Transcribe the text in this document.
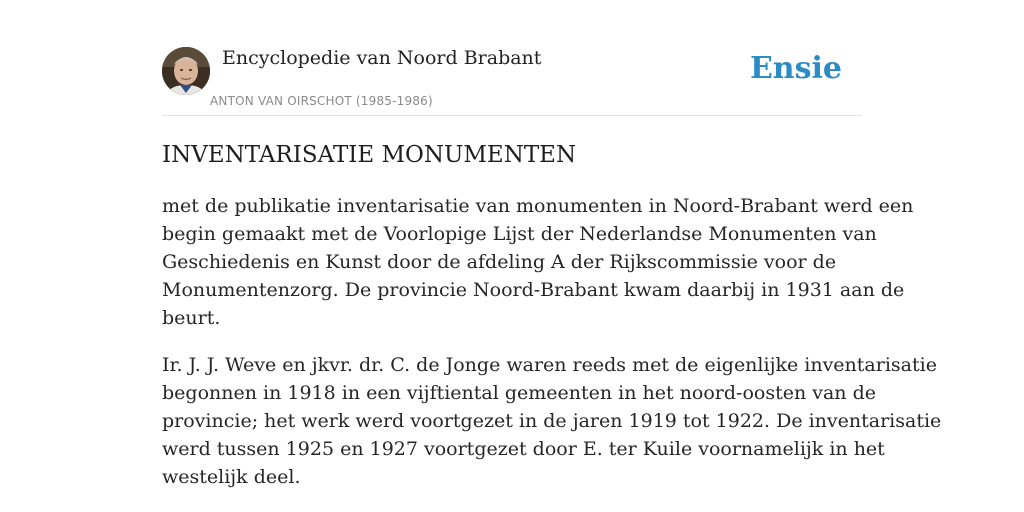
Encyclopedie van Noord Brabant
ANTON VAN OIRSCHOT (1985-1986)
Ensie
INVENTARISATIE MONUMENTEN

met de publikatie inventarisatie van monumenten in Noord-Brabant werd een
begin gemaakt met de Voorlopige Lijst der Nederlandse Monumenten van
Geschiedenis en Kunst door de afdeling A der Rijkscommissie voor de
Monumentenzorg. De provincie Noord-Brabant kwam daarbij in 1931 aan de
beurt.

Ir. J. J. Weve en jkvr. dr. C. de Jonge waren reeds met de eigenlijke inventarisatie
begonnen in 1918 in een vijftiental gemeenten in het noord-oosten van de
provincie; het werk werd voortgezet in de jaren 1919 tot 1922. De inventarisatie
werd tussen 1925 en 1927 voortgezet door E. ter Kuile voornamelijk in het
westelijk deel.
